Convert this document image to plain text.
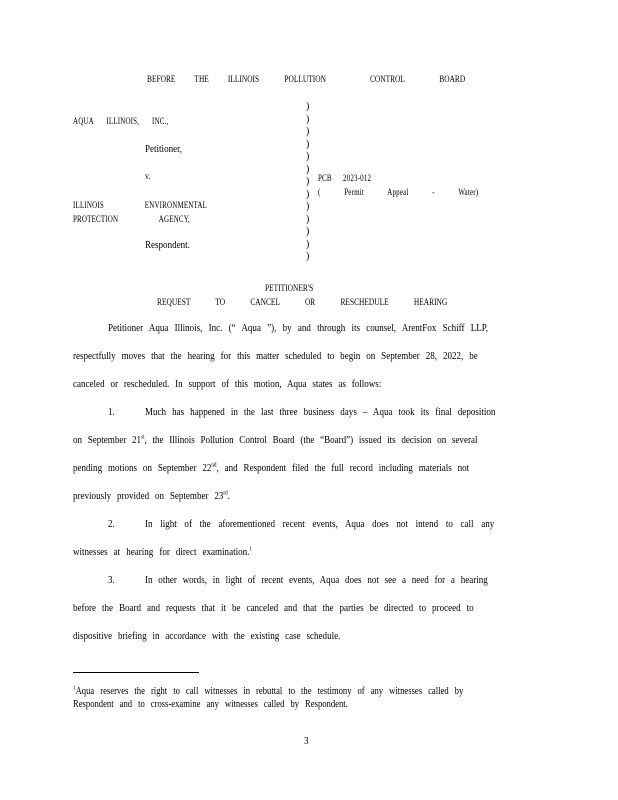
BEFORE THE ILLINOIS	POLLUTION	CONTROL	BOARD
AQUA ILLINOIS, INC.,
Petitioner,
v.
ILLINOIS ENVIRONMENTAL
PROTECTION AGENCY,
Respondent.
)
)
)
)
)
)
)
)
)
)
)
)
)
PCB 2023-012
( Permit Appeal - Water)
PETITIONER'S
REQUEST TO CANCEL OR RESCHEDULE HEARING
Petitioner Aqua Illinois, Inc. (“ Aqua ”), by and through its counsel, ArentFox Schiff LLP,
respectfully moves that the hearing for this matter scheduled to begin on September 28, 2022, be
canceled or rescheduled. In support of this motion, Aqua states as follows:
1.	Much has happened in the last three business days – Aqua took its final deposition
on September 21st, the Illinois Pollution Control Board (the “Board”) issued its decision on several
pending motions on September 22nd, and Respondent filed the full record including materials not
previously provided on September 23rd.
2.	In light of the aforementioned recent events, Aqua does not intend to call any
witnesses at hearing for direct examination.$^1$
3.	In other words, in light of recent events, Aqua does not see a need for a hearing
before the Board and requests that it be canceled and that the parties be directed to proceed to
dispositive briefing in accordance with the existing case schedule.
$^1$Aqua reserves the right to call witnesses in rebuttal to the testimony of any witnesses called by
Respondent and to cross-examine any witnesses called by Respondent.
3
